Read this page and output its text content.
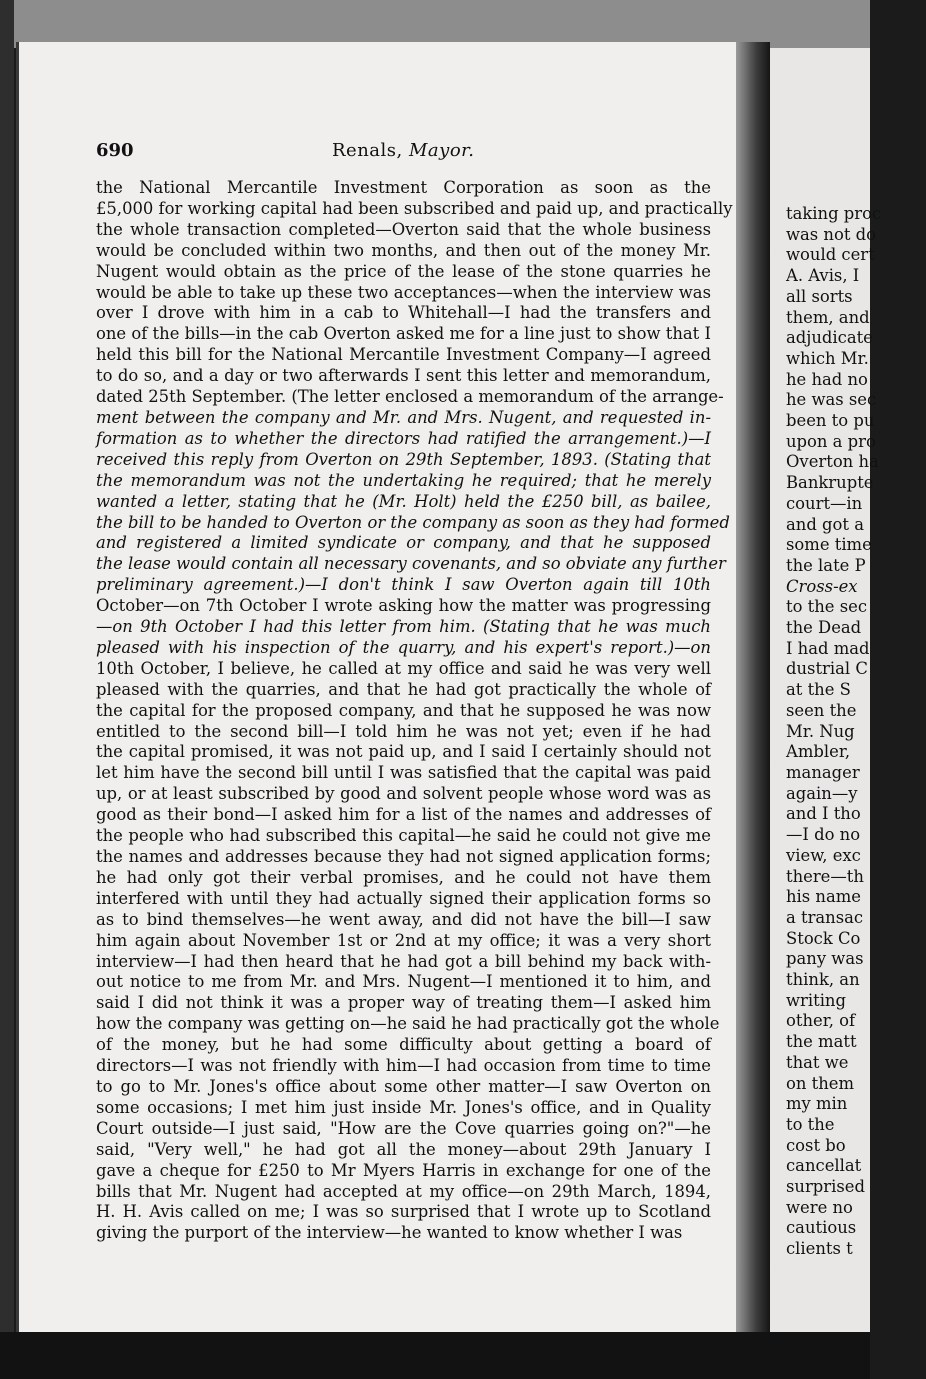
taking proc
was not do
would cert
A. Avis, I
all sorts
them, and
adjudicate
which Mr.
he had no
he was sec
been to pu
upon a pro
Overton ha
Bankrupte
court—in
and got a
some time
the late P
Cross-ex
to the sec
the Dead
I had mad
dustrial C
at the S
seen the
Mr. Nug
Ambler,
manager
again—y
and I tho
—I do no
view, exc
there—th
his name
a transac
Stock Co
pany was
think, an
writing
other, of
the matt
that we
on them
my min
to the
cost bo
cancellat
surprised
were no
cautious
clients t
690	Renals, Mayor.
the National Mercantile Investment Corporation as soon as the
£5,000 for working capital had been subscribed and paid up, and practically
the whole transaction completed—Overton said that the whole business
would be concluded within two months, and then out of the money Mr.
Nugent would obtain as the price of the lease of the stone quarries he
would be able to take up these two acceptances—when the interview was
over I drove with him in a cab to Whitehall—I had the transfers and
one of the bills—in the cab Overton asked me for a line just to show that I
held this bill for the National Mercantile Investment Company—I agreed
to do so, and a day or two afterwards I sent this letter and memorandum,
dated 25th September. (The letter enclosed a memorandum of the arrange-
ment between the company and Mr. and Mrs. Nugent, and requested in-
formation as to whether the directors had ratified the arrangement.)—I
received this reply from Overton on 29th September, 1893. (Stating that
the memorandum was not the undertaking he required; that he merely
wanted a letter, stating that he (Mr. Holt) held the £250 bill, as bailee,
the bill to be handed to Overton or the company as soon as they had formed
and registered a limited syndicate or company, and that he supposed
the lease would contain all necessary covenants, and so obviate any further
preliminary agreement.)—I don't think I saw Overton again till 10th
October—on 7th October I wrote asking how the matter was progressing
—on 9th October I had this letter from him. (Stating that he was much
pleased with his inspection of the quarry, and his expert's report.)—on
10th October, I believe, he called at my office and said he was very well
pleased with the quarries, and that he had got practically the whole of
the capital for the proposed company, and that he supposed he was now
entitled to the second bill—I told him he was not yet; even if he had
the capital promised, it was not paid up, and I said I certainly should not
let him have the second bill until I was satisfied that the capital was paid
up, or at least subscribed by good and solvent people whose word was as
good as their bond—I asked him for a list of the names and addresses of
the people who had subscribed this capital—he said he could not give me
the names and addresses because they had not signed application forms;
he had only got their verbal promises, and he could not have them
interfered with until they had actually signed their application forms so
as to bind themselves—he went away, and did not have the bill—I saw
him again about November 1st or 2nd at my office; it was a very short
interview—I had then heard that he had got a bill behind my back with-
out notice to me from Mr. and Mrs. Nugent—I mentioned it to him, and
said I did not think it was a proper way of treating them—I asked him
how the company was getting on—he said he had practically got the whole
of the money, but he had some difficulty about getting a board of
directors—I was not friendly with him—I had occasion from time to time
to go to Mr. Jones's office about some other matter—I saw Overton on
some occasions; I met him just inside Mr. Jones's office, and in Quality
Court outside—I just said, "How are the Cove quarries going on?"—he
said, "Very well," he had got all the money—about 29th January I
gave a cheque for £250 to Mr Myers Harris in exchange for one of the
bills that Mr. Nugent had accepted at my office—on 29th March, 1894,
H. H. Avis called on me; I was so surprised that I wrote up to Scotland
giving the purport of the interview—he wanted to know whether I was
